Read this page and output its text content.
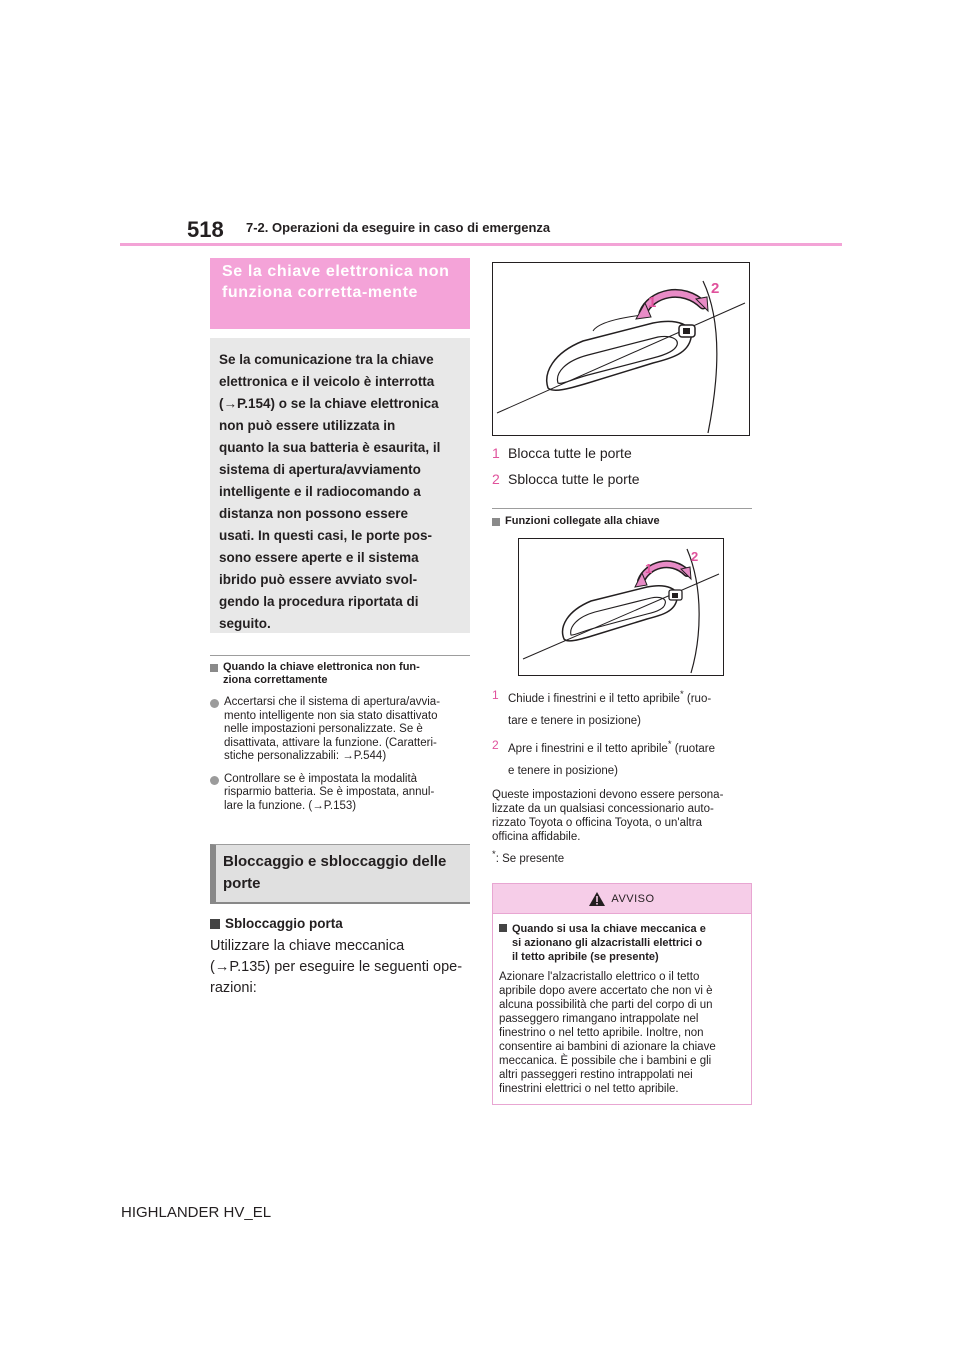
518 7-2. Operazioni da eseguire in caso di emergenza
Se la chiave elettronica non funziona corretta-mente

Se la comunicazione tra la chiave
elettronica e il veicolo è interrotta
(→P.154) o se la chiave elettronica
non può essere utilizzata in
quanto la sua batteria è esaurita, il
sistema di apertura/avviamento
intelligente e il radiocomando a
distanza non possono essere
usati. In questi casi, le porte pos-
sono essere aperte e il sistema
ibrido può essere avviato svol-
gendo la procedura riportata di
seguito.

Quando la chiave elettronica non fun-
ziona correttamente
Accertarsi che il sistema di apertura/avvia-
mento intelligente non sia stato disattivato
nelle impostazioni personalizzate. Se è
disattivata, attivare la funzione. (Caratteri-
stiche personalizzabili: →P.544)
Controllare se è impostata la modalità
risparmio batteria. Se è impostata, annul-
lare la funzione. (→P.153)
Bloccaggio e sbloccaggio delle porte
Sbloccaggio porta
Utilizzare la chiave meccanica
(→P.135) per eseguire le seguenti ope-
razioni:
1
2
1 Blocca tutte le porte
2 Sblocca tutte le porte
Funzioni collegate alla chiave
1
2
1 Chiude i finestrini e il tetto apribile* (ruo-
tare e tenere in posizione)
2 Apre i finestrini e il tetto apribile* (ruotare
e tenere in posizione)
Queste impostazioni devono essere persona-
lizzate da un qualsiasi concessionario auto-
rizzato Toyota o officina Toyota, o un'altra
officina affidabile.
*: Se presente
AVVISO
Quando si usa la chiave meccanica e
si azionano gli alzacristalli elettrici o
il tetto apribile (se presente)
Azionare l'alzacristallo elettrico o il tetto
apribile dopo avere accertato che non vi è
alcuna possibilità che parti del corpo di un
passeggero rimangano intrappolate nel
finestrino o nel tetto apribile. Inoltre, non
consentire ai bambini di azionare la chiave
meccanica. È possibile che i bambini e gli
altri passeggeri restino intrappolati nei
finestrini elettrici o nel tetto apribile.
HIGHLANDER HV_EL
